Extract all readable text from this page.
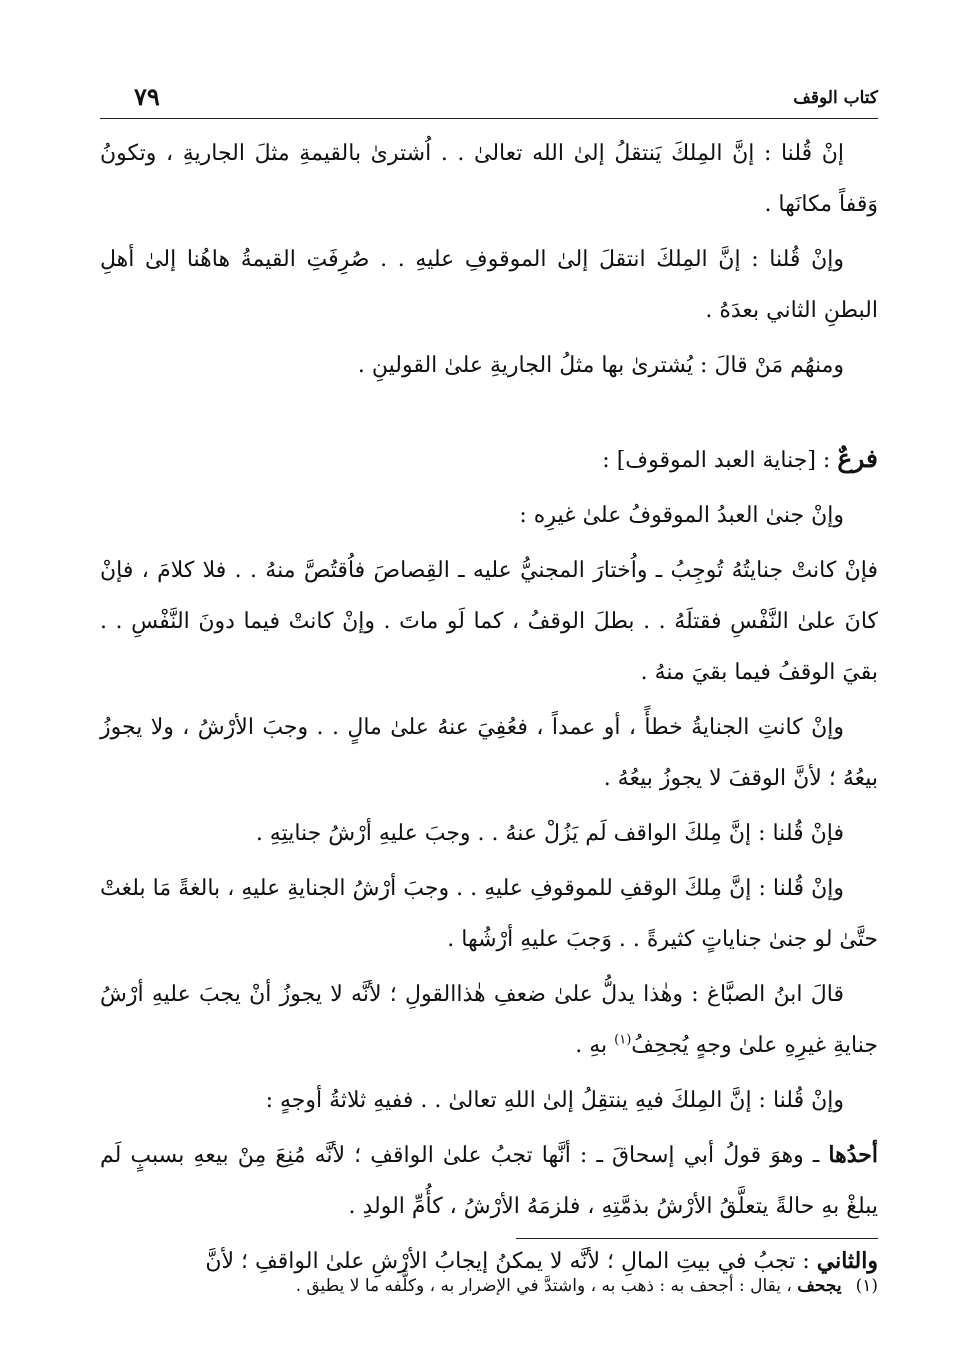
كتاب الوقف
٧٩

إنْ قُلنا : إنَّ المِلكَ يَنتقلُ إلىٰ الله تعالىٰ . . اُشترىٰ بالقيمةِ مثلَ الجاريةِ ، وتكونُ وَقفاً مكانَها .

وإنْ قُلنا : إنَّ المِلكَ انتقلَ إلىٰ الموقوفِ عليهِ . . صُرِفَتِ القيمةُ هاهُنا إلىٰ أهلِ البطنِ الثاني بعدَهُ .

ومنهُم مَنْ قالَ : يُشترىٰ بها مثلُ الجاريةِ علىٰ القولينِ .

فرعٌ : [جناية العبد الموقوف] :

وإنْ جنىٰ العبدُ الموقوفُ علىٰ غيرِه :

فإنْ كانتْ جنايتُهُ تُوجِبُ ـ واُختارَ المجنيُّ عليه ـ القِصاصَ فاُقتُصَّ منهُ . . فلا كلامَ ، فإنْ كانَ علىٰ النَّفْسِ فقتلَهُ . . بطلَ الوقفُ ، كما لَو ماتَ . وإنْ كانتْ فيما دونَ النَّفْسِ . . بقيَ الوقفُ فيما بقيَ منهُ .

وإنْ كانتِ الجنايةُ خطأً ، أو عمداً ، فعُفِيَ عنهُ علىٰ مالٍ . . وجبَ الأرْشُ ، ولا يجوزُ بيعُهُ ؛ لأنَّ الوقفَ لا يجوزُ بيعُهُ .

فإنْ قُلنا : إنَّ مِلكَ الواقف لَم يَزُلْ عنهُ . . وجبَ عليهِ أرْشُ جنايتِهِ .

وإنْ قُلنا : إنَّ مِلكَ الوقفِ للموقوفِ عليهِ . . وجبَ أرْشُ الجنايةِ عليهِ ، بالغةً مَا بلغتْ حتَّىٰ لو جنىٰ جناياتٍ كثيرةً . . وَجبَ عليهِ أرْشُها .

قالَ ابنُ الصبَّاغ : وهٰذا يدلُّ علىٰ ضعفِ هٰذاالقولِ ؛ لأنَّه لا يجوزُ أنْ يجبَ عليهِ أرْشُ جنايةِ غيرِهِ علىٰ وجهٍ يُجحِفُ$^{(١)}$ بهِ .

وإنْ قُلنا : إنَّ المِلكَ فيهِ ينتقِلُ إلىٰ اللهِ تعالىٰ . . ففيهِ ثلاثةُ أوجهٍ :

أحدُها ـ وهوَ قولُ أبي إسحاقَ ـ : أنَّها تجبُ علىٰ الواقفِ ؛ لأنَّه مُنِعَ مِنْ بيعهِ بسببٍ لَم يبلغْ بهِ حالةً يتعلَّقُ الأرْشُ بذمَّتِهِ ، فلزمَهُ الأرْشُ ، كأُمِّ الولدِ .

والثاني : تجبُ في بيتِ المالِ ؛ لأنَّه لا يمكنُ إيجابُ الأرْشِ علىٰ الواقفِ ؛ لأنَّ

(١)يجحف ، يقال : أجحف به : ذهب به ، واشتدَّ في الإضرار به ، وكلَّفه ما لا يطيق .
